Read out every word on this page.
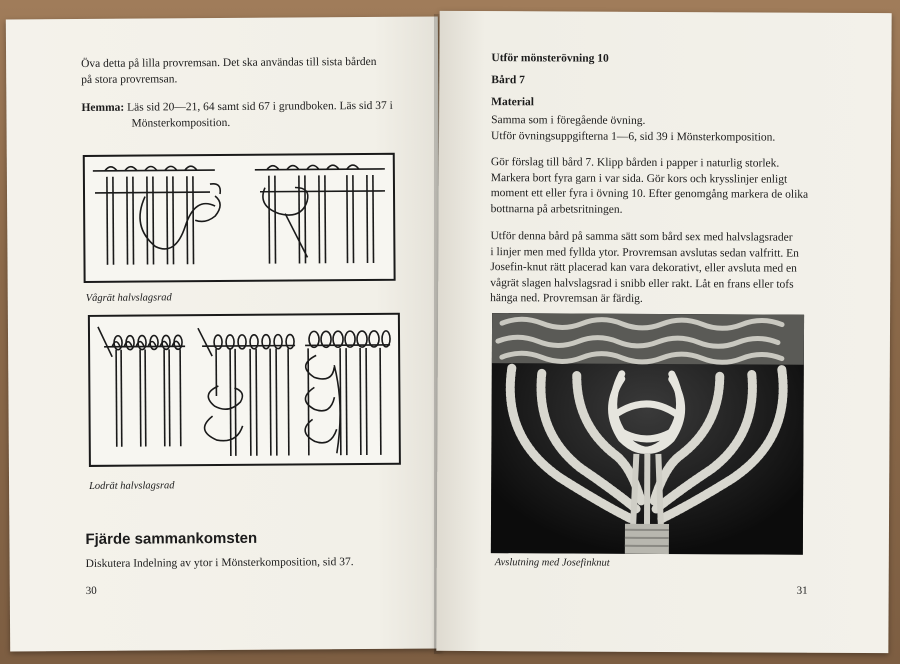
Öva detta på lilla provremsan. Det ska användas till sista bården

på stora provremsan.

Hemma: Läs sid 20—21, 64 samt sid 67 i grundboken. Läs sid 37 i

Mönsterkomposition.

Vågrät halvslagsrad
Lodrät halvslagsrad
Fjärde sammankomsten
Diskutera Indelning av ytor i Mönsterkomposition, sid 37.
30
Utför mönsterövning 10
Bård 7
Material

Samma som i föregående övning.

Utför övningsuppgifterna 1—6, sid 39 i Mönsterkomposition.

Gör förslag till bård 7. Klipp bården i papper i naturlig storlek.

Markera bort fyra garn i var sida. Gör kors och krysslinjer enligt

moment ett eller fyra i övning 10. Efter genomgång markera de olika

bottnarna på arbetsritningen.

Utför denna bård på samma sätt som bård sex med halvslagsrader

i linjer men med fyllda ytor. Provremsan avslutas sedan valfritt. En

Josefin-knut rätt placerad kan vara dekorativt, eller avsluta med en

vågrät slagen halvslagsrad i snibb eller rakt. Låt en frans eller tofs

hänga ned. Provremsan är färdig.

Avslutning med Josefinknut
31
